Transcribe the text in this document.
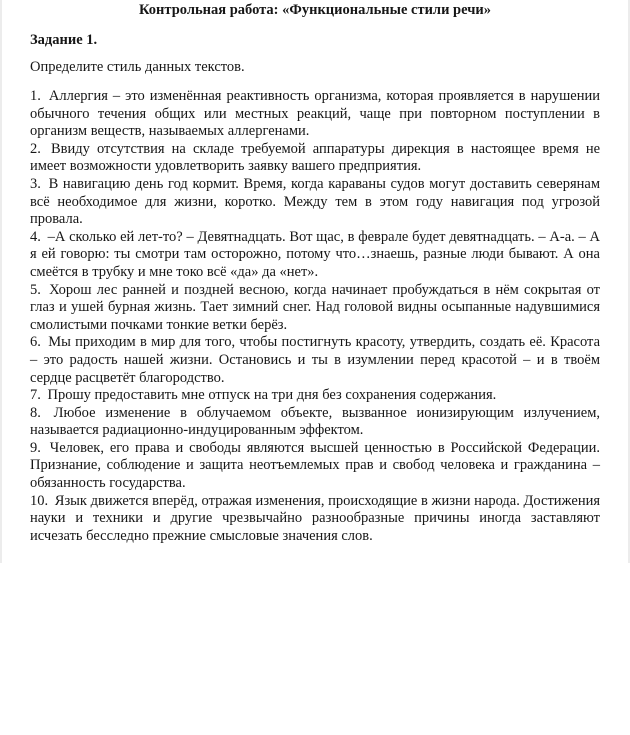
Контрольная работа: «Функциональные стили речи»

Задание 1.

Определите стиль данных текстов.

1. Аллергия – это изменённая реактивность организма, которая проявляется в нарушении обычного течения общих или местных реакций, чаще при повторном поступлении в организм веществ, называемых аллергенами.

2. Ввиду отсутствия на складе требуемой аппаратуры дирекция в настоящее время не имеет возможности удовлетворить заявку вашего предприятия.

3. В навигацию день год кормит. Время, когда караваны судов могут доставить северянам всё необходимое для жизни, коротко. Между тем в этом году навигация под угрозой провала.

4. –А сколько ей лет-то? – Девятнадцать. Вот щас, в феврале будет девятнадцать. – А-а. – А я ей говорю: ты смотри там осторожно, потому что…знаешь, разные люди бывают. А она смеётся в трубку и мне токо всё «да» да «нет».

5. Хорош лес ранней и поздней весною, когда начинает пробуждаться в нём сокрытая от глаз и ушей бурная жизнь. Тает зимний снег. Над головой видны осыпанные надувшимися смолистыми почками тонкие ветки берёз.

6. Мы приходим в мир для того, чтобы постигнуть красоту, утвердить, создать её. Красота – это радость нашей жизни. Остановись и ты в изумлении перед красотой – и в твоём сердце расцветёт благородство.

7. Прошу предоставить мне отпуск на три дня без сохранения содержания.

8. Любое изменение в облучаемом объекте, вызванное ионизирующим излучением, называется радиационно-индуцированным эффектом.

9. Человек, его права и свободы являются высшей ценностью в Российской Федерации. Признание, соблюдение и защита неотъемлемых прав и свобод человека и гражданина – обязанность государства.

10. Язык движется вперёд, отражая изменения, происходящие в жизни народа. Достижения науки и техники и другие чрезвычайно разнообразные причины иногда заставляют исчезать бесследно прежние смысловые значения слов.
